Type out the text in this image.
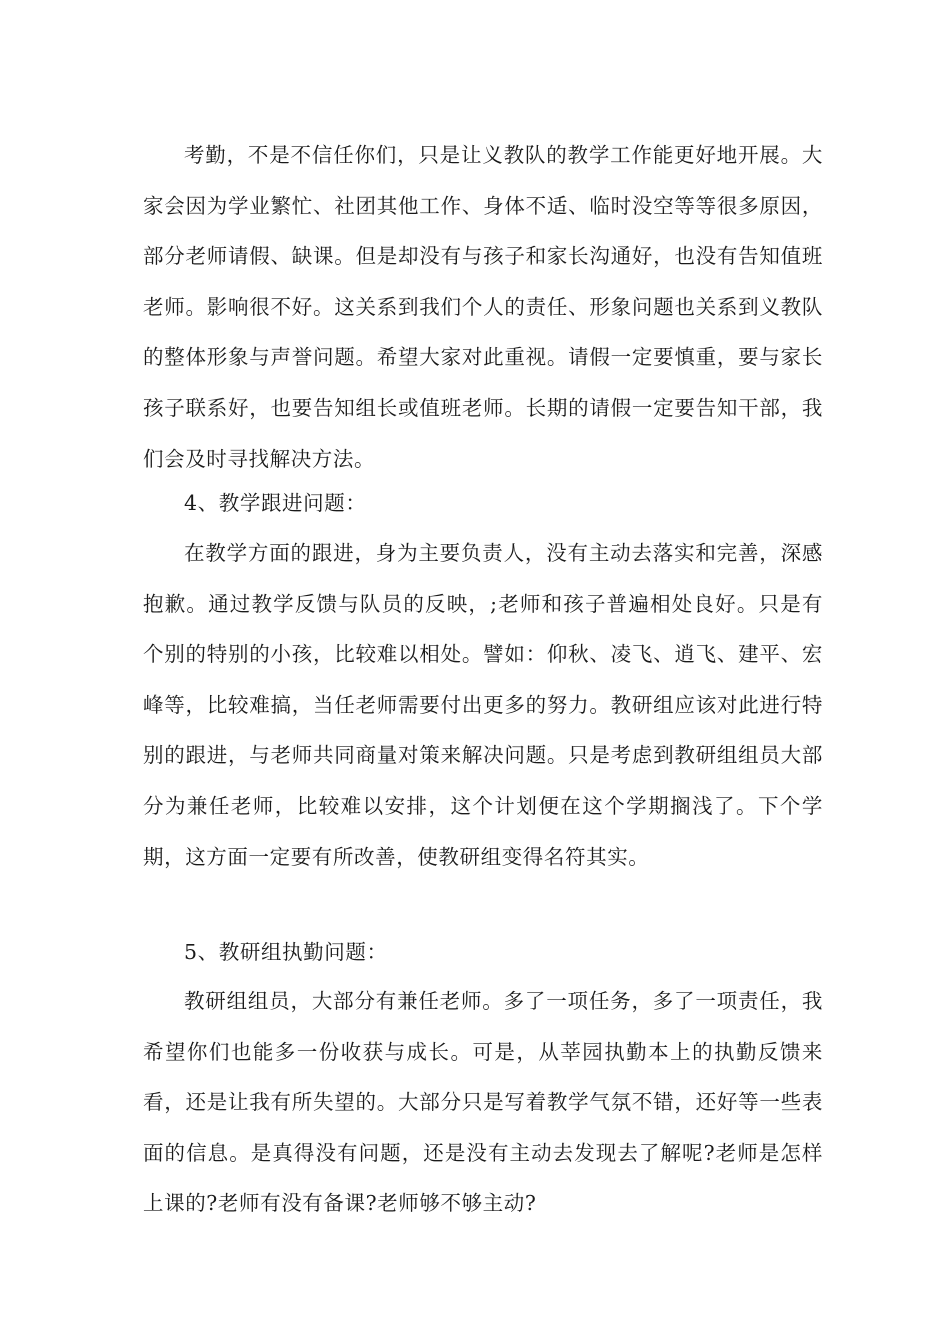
考勤，不是不信任你们，只是让义教队的教学工作能更好地开展。大家会因为学业繁忙、社团其他工作、身体不适、临时没空等等很多原因，部分老师请假、缺课。但是却没有与孩子和家长沟通好，也没有告知值班老师。影响很不好。这关系到我们个人的责任、形象问题也关系到义教队的整体形象与声誉问题。希望大家对此重视。请假一定要慎重，要与家长孩子联系好，也要告知组长或值班老师。长期的请假一定要告知干部，我们会及时寻找解决方法。

4、教学跟进问题：

在教学方面的跟进，身为主要负责人，没有主动去落实和完善，深感抱歉。通过教学反馈与队员的反映，;老师和孩子普遍相处良好。只是有个别的特别的小孩，比较难以相处。譬如：仰秋、凌飞、逍飞、建平、宏峰等，比较难搞，当任老师需要付出更多的努力。教研组应该对此进行特别的跟进，与老师共同商量对策来解决问题。只是考虑到教研组组员大部分为兼任老师，比较难以安排，这个计划便在这个学期搁浅了。下个学期，这方面一定要有所改善，使教研组变得名符其实。

5、教研组执勤问题：

教研组组员，大部分有兼任老师。多了一项任务，多了一项责任，我希望你们也能多一份收获与成长。可是，从莘园执勤本上的执勤反馈来看，还是让我有所失望的。大部分只是写着教学气氛不错，还好等一些表面的信息。是真得没有问题，还是没有主动去发现去了解呢?老师是怎样上课的?老师有没有备课?老师够不够主动?
